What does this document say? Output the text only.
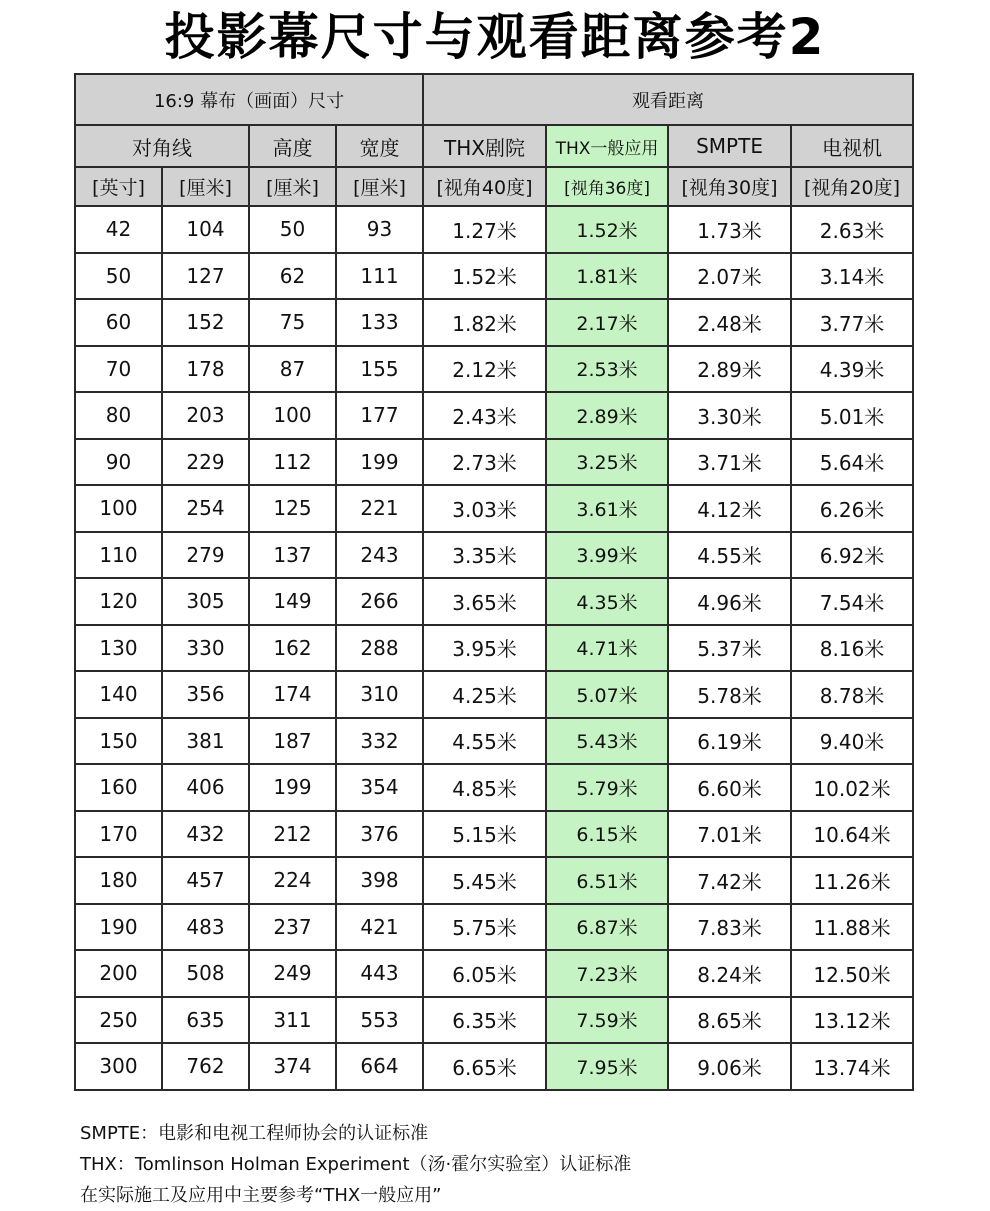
投影幕尺寸与观看距离参考2
16:9 幕布（画面）尺寸				观看距离			
对角线		高度	宽度	THX剧院	THX一般应用	SMPTE	电视机
[英寸]	[厘米]	[厘米]	[厘米]	[视角40度]	[视角36度]	[视角30度]	[视角20度]
42	104	50	93	1.27米	1.52米	1.73米	2.63米
50	127	62	111	1.52米	1.81米	2.07米	3.14米
60	152	75	133	1.82米	2.17米	2.48米	3.77米
70	178	87	155	2.12米	2.53米	2.89米	4.39米
80	203	100	177	2.43米	2.89米	3.30米	5.01米
90	229	112	199	2.73米	3.25米	3.71米	5.64米
100	254	125	221	3.03米	3.61米	4.12米	6.26米
110	279	137	243	3.35米	3.99米	4.55米	6.92米
120	305	149	266	3.65米	4.35米	4.96米	7.54米
130	330	162	288	3.95米	4.71米	5.37米	8.16米
140	356	174	310	4.25米	5.07米	5.78米	8.78米
150	381	187	332	4.55米	5.43米	6.19米	9.40米
160	406	199	354	4.85米	5.79米	6.60米	10.02米
170	432	212	376	5.15米	6.15米	7.01米	10.64米
180	457	224	398	5.45米	6.51米	7.42米	11.26米
190	483	237	421	5.75米	6.87米	7.83米	11.88米
200	508	249	443	6.05米	7.23米	8.24米	12.50米
250	635	311	553	6.35米	7.59米	8.65米	13.12米
300	762	374	664	6.65米	7.95米	9.06米	13.74米
SMPTE：电影和电视工程师协会的认证标准
THX：Tomlinson Holman Experiment（汤·霍尔实验室）认证标准
在实际施工及应用中主要参考“THX一般应用”
